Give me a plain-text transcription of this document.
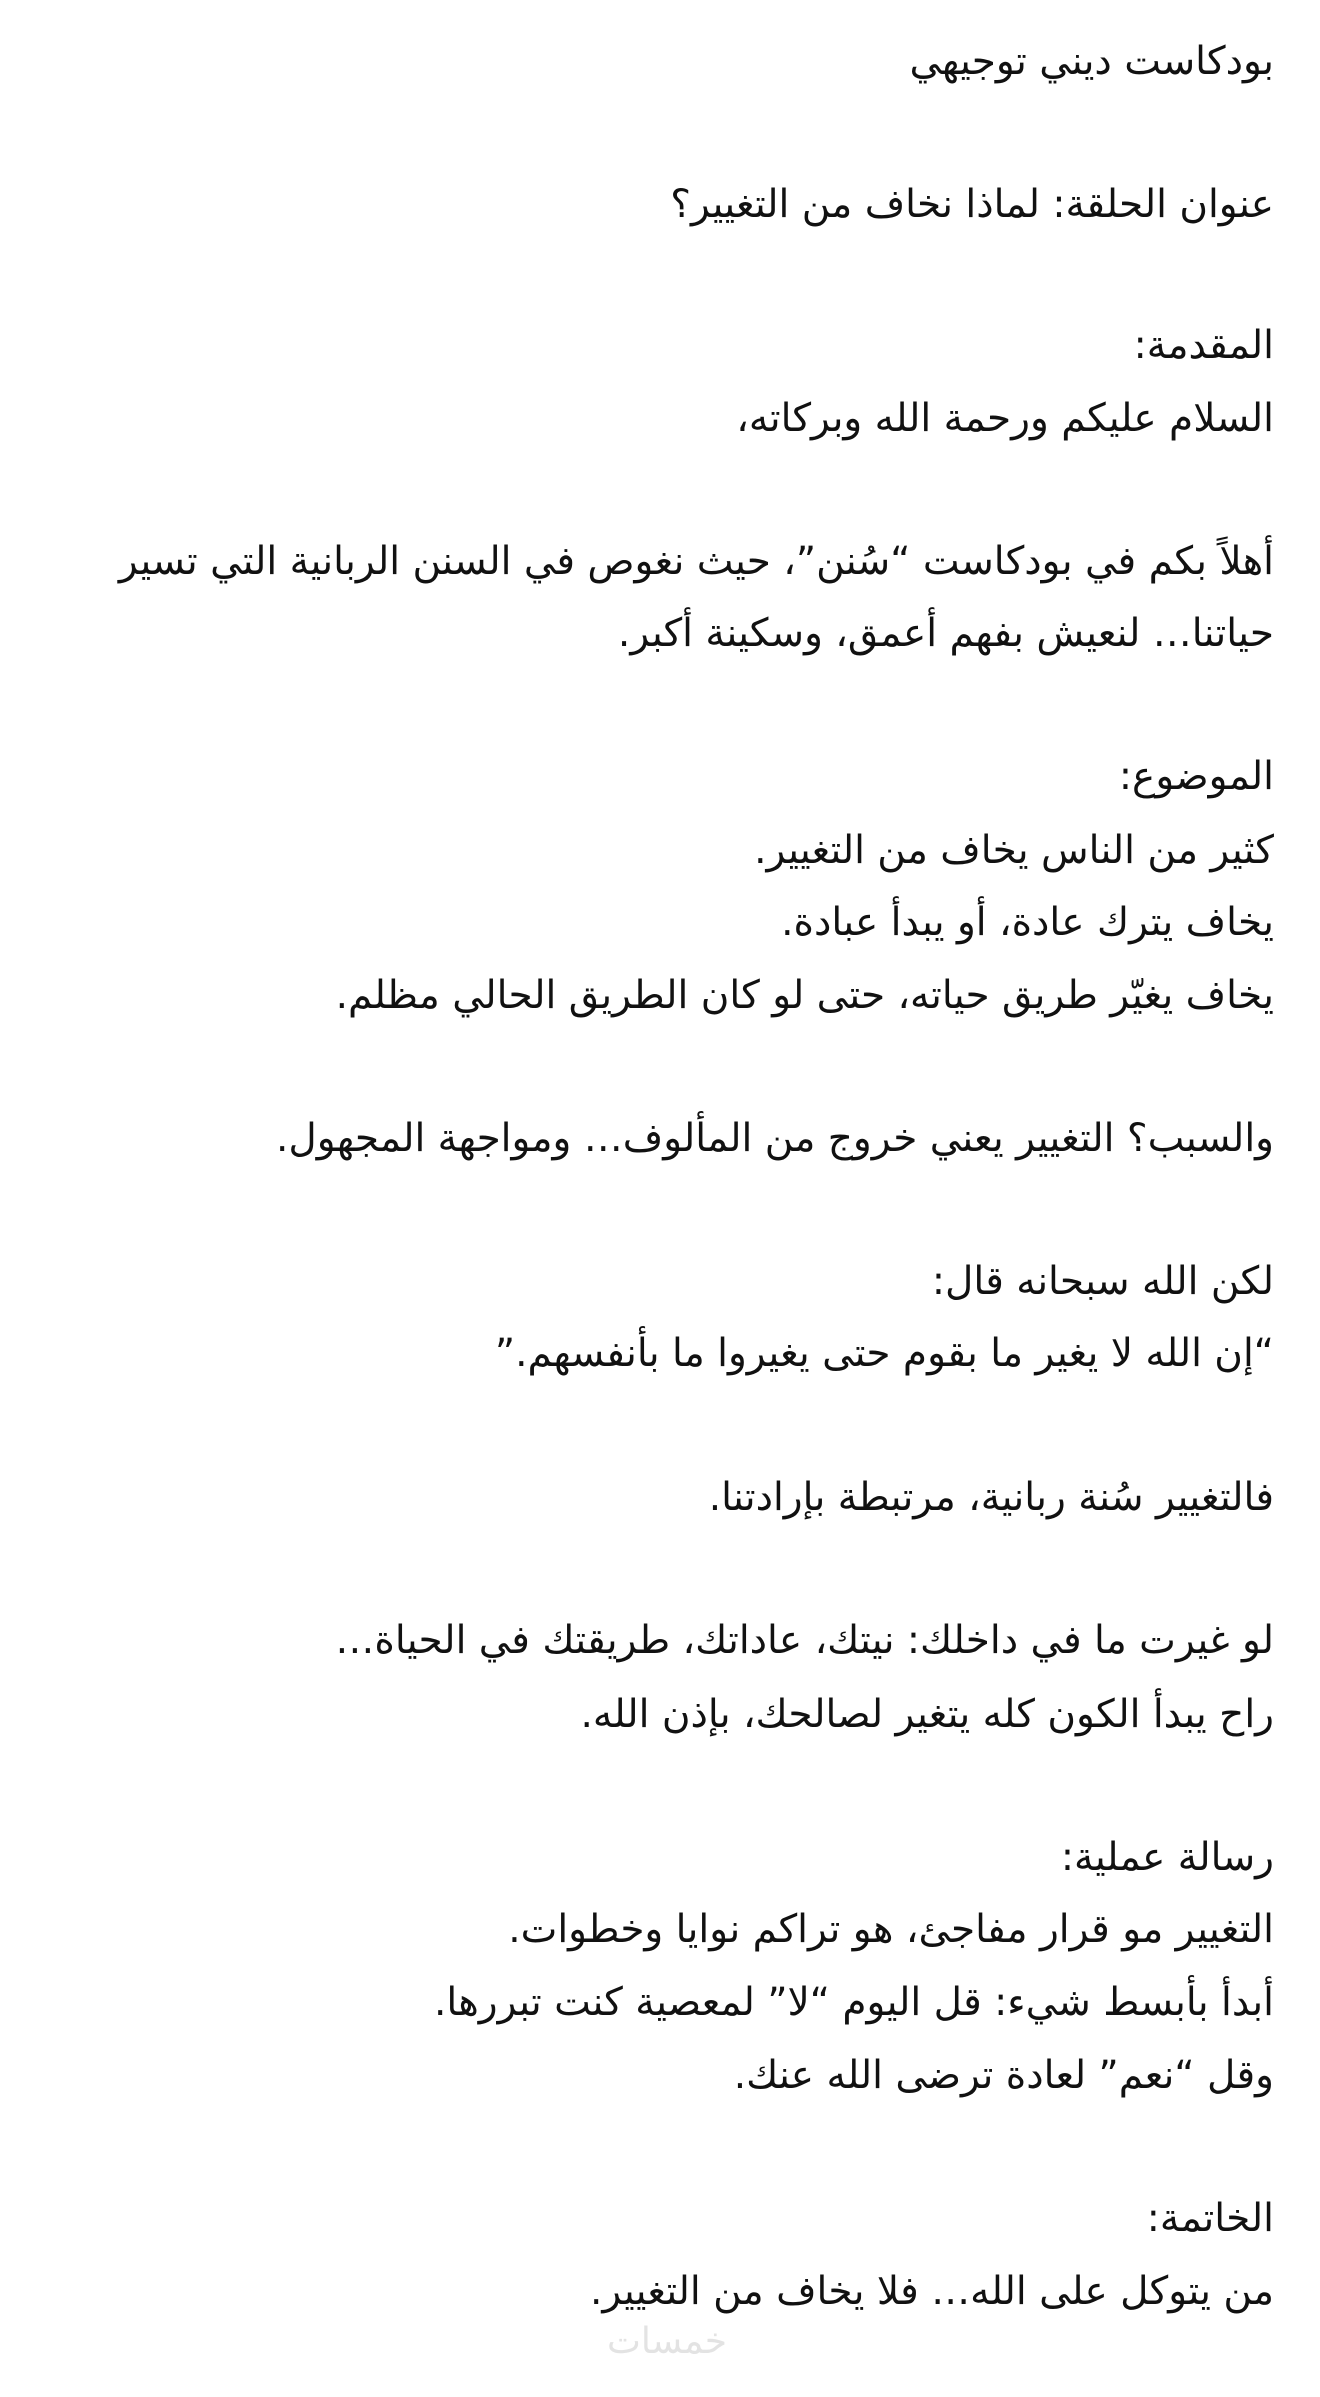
بودكاست ديني توجيهي
عنوان الحلقة: لماذا نخاف من التغيير؟
المقدمة:
السلام عليكم ورحمة الله وبركاته،
أهلاً بكم في بودكاست “سُنن”، حيث نغوص في السنن الربانية التي تسير
حياتنا… لنعيش بفهم أعمق، وسكينة أكبر.
الموضوع:
كثير من الناس يخاف من التغيير.
يخاف يترك عادة، أو يبدأ عبادة.
يخاف يغيّر طريق حياته، حتى لو كان الطريق الحالي مظلم.
والسبب؟ التغيير يعني خروج من المألوف… ومواجهة المجهول.
لكن الله سبحانه قال:
“إن الله لا يغير ما بقوم حتى يغيروا ما بأنفسهم.”
فالتغيير سُنة ربانية، مرتبطة بإرادتنا.
لو غيرت ما في داخلك: نيتك، عاداتك، طريقتك في الحياة…
راح يبدأ الكون كله يتغير لصالحك، بإذن الله.
رسالة عملية:
التغيير مو قرار مفاجئ، هو تراكم نوايا وخطوات.
أبدأ بأبسط شيء: قل اليوم “لا” لمعصية كنت تبررها.
وقل “نعم” لعادة ترضى الله عنك.
الخاتمة:
من يتوكل على الله… فلا يخاف من التغيير.
خمسات
